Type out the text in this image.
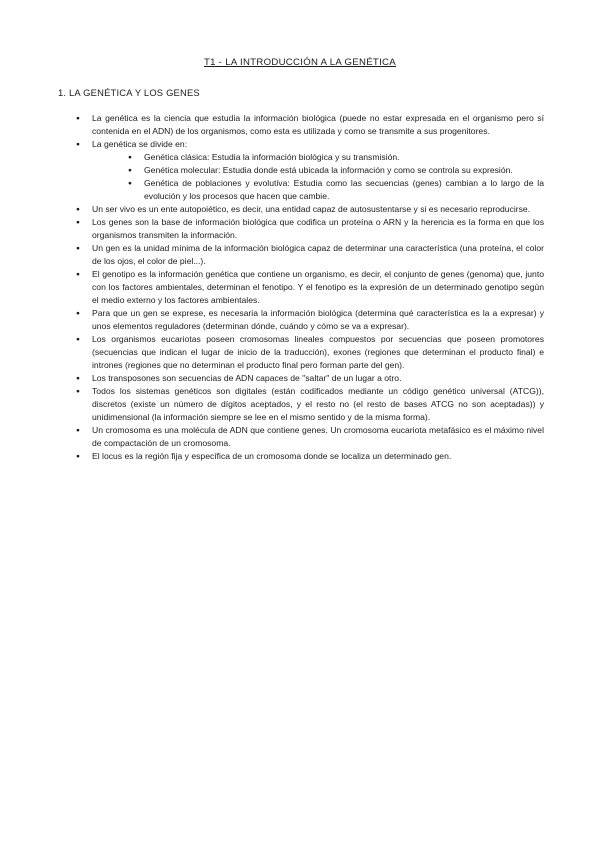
T1 - LA INTRODUCCIÓN A LA GENÉTICA
1. LA GENÉTICA Y LOS GENES
● La genética es la ciencia que estudia la información biológica (puede no estar expresada en el organismo pero sí contenida en el ADN) de los organismos, como esta es utilizada y como se transmite a sus progenitores.
● La genética se divide en:
● Genética clásica: Estudia la información biológica y su transmisión.
● Genética molecular: Estudia donde está ubicada la información y como se controla su expresión.
● Genética de poblaciones y evolutiva: Estudia como las secuencias (genes) cambian a lo largo de la evolución y los procesos que hacen que cambie.
● Un ser vivo es un ente autopoiético, es decir, una entidad capaz de autosustentarse y si es necesario reproducirse.
● Los genes son la base de información biológica que codifica un proteína o ARN y la herencia es la forma en que los organismos transmiten la información.
● Un gen es la unidad mínima de la información biológica capaz de determinar una característica (una proteína, el color de los ojos, el color de piel...).
● El genotipo es la información genética que contiene un organismo, es decir, el conjunto de genes (genoma) que, junto con los factores ambientales, determinan el fenotipo. Y el fenotipo es la expresión de un determinado genotipo según el medio externo y los factores ambientales.
● Para que un gen se exprese, es necesaria la información biológica (determina qué característica es la a expresar) y unos elementos reguladores (determinan dónde, cuándo y cómo se va a expresar).
● Los organismos eucariotas poseen cromosomas lineales compuestos por secuencias que poseen promotores (secuencias que indican el lugar de inicio de la traducción), exones (regiones que determinan el producto final) e intrones (regiones que no determinan el producto final pero forman parte del gen).
● Los transposones son secuencias de ADN capaces de "saltar" de un lugar a otro.
● Todos los sistemas genéticos son digitales (están codificados mediante un código genético universal (ATCG)), discretos (existe un número de dígitos aceptados, y el resto no (el resto de bases ATCG no son aceptadas)) y unidimensional (la información siempre se lee en el mismo sentido y de la misma forma).
● Un cromosoma es una molécula de ADN que contiene genes. Un cromosoma eucariota metafásico es el máximo nivel de compactación de un cromosoma.
● El locus es la región fija y específica de un cromosoma donde se localiza un determinado gen.
